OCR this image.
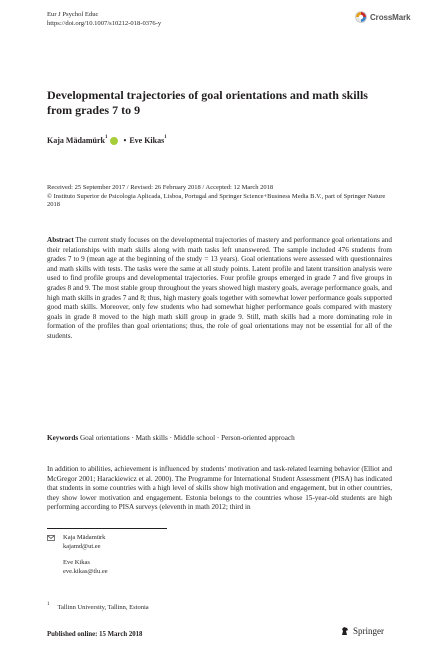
Eur J Psychol Educ
https://doi.org/10.1007/s10212-018-0376-y
CrossMark
Developmental trajectories of goal orientations and math skills from grades 7 to 9
Kaja Mädamürk$^1$ • Eve Kikas$^1$
Received: 25 September 2017 / Revised: 26 February 2018 / Accepted: 12 March 2018
© Instituto Superior de Psicologia Aplicada, Lisboa, Portugal and Springer Science+Business Media B.V., part of Springer Nature 2018
Abstract The current study focuses on the developmental trajectories of mastery and performance goal orientations and their relationships with math skills along with math tasks left unanswered. The sample included 476 students from grades 7 to 9 (mean age at the beginning of the study = 13 years). Goal orientations were assessed with questionnaires and math skills with tests. The tasks were the same at all study points. Latent profile and latent transition analysis were used to find profile groups and developmental trajectories. Four profile groups emerged in grade 7 and five groups in grades 8 and 9. The most stable group throughout the years showed high mastery goals, average performance goals, and high math skills in grades 7 and 8; thus, high mastery goals together with somewhat lower performance goals supported good math skills. Moreover, only few students who had somewhat higher performance goals compared with mastery goals in grade 8 moved to the high math skill group in grade 9. Still, math skills had a more dominating role in formation of the profiles than goal orientations; thus, the role of goal orientations may not be essential for all of the students.
Keywords Goal orientations · Math skills · Middle school · Person-oriented approach
In addition to abilities, achievement is influenced by students’ motivation and task-related learning behavior (Elliot and McGregor 2001; Harackiewicz et al. 2000). The Programme for International Student Assessment (PISA) has indicated that students in some countries with a high level of skills show high motivation and engagement, but in other countries, they show lower motivation and engagement. Estonia belongs to the countries whose 15-year-old students are high performing according to PISA surveys (eleventh in math 2012; third in
Kaja Mädamürk
kajamd@ut.ee
Eve Kikas
eve.kikas@tlu.ee
1 Tallinn University, Tallinn, Estonia
Published online: 15 March 2018	Springer
